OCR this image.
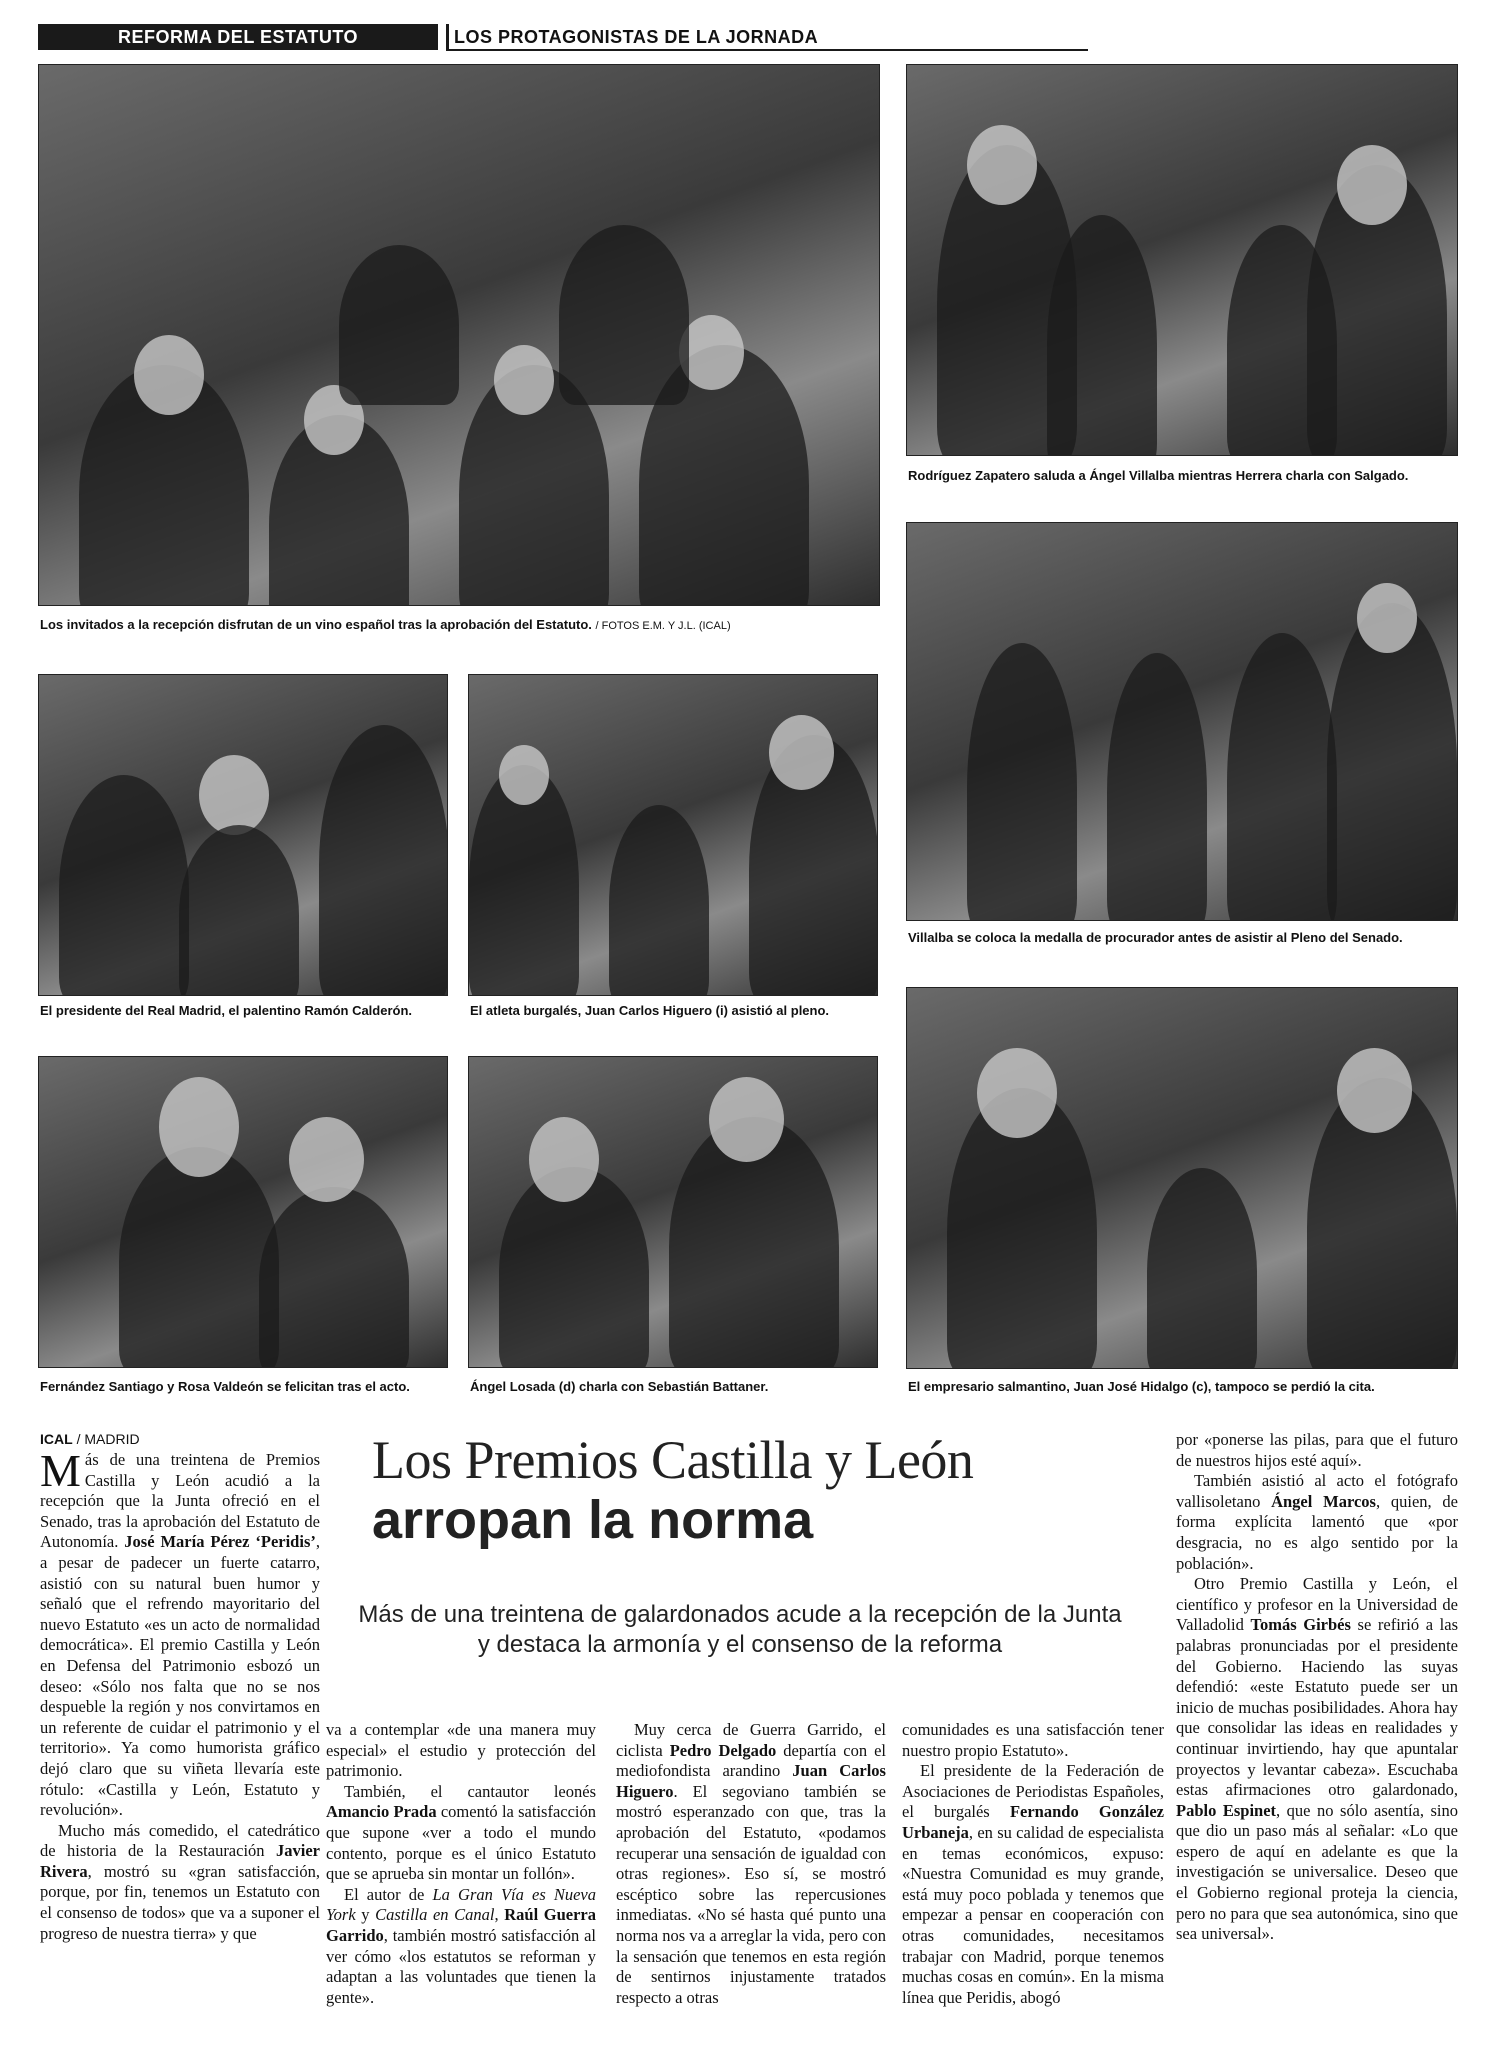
REFORMA DEL ESTATUTO	LOS PROTAGONISTAS DE LA JORNADA
Los invitados a la recepción disfrutan de un vino español tras la aprobación del Estatuto. / FOTOS E.M. Y J.L. (ICAL)
Rodríguez Zapatero saluda a Ángel Villalba mientras Herrera charla con Salgado.
Villalba se coloca la medalla de procurador antes de asistir al Pleno del Senado.
El empresario salmantino, Juan José Hidalgo (c), tampoco se perdió la cita.
El presidente del Real Madrid, el palentino Ramón Calderón.	El atleta burgalés, Juan Carlos Higuero (i) asistió al pleno.
Fernández Santiago y Rosa Valdeón se felicitan tras el acto.	Ángel Losada (d) charla con Sebastián Battaner.
ICAL / MADRID	Los Premios Castilla y León arropan la norma
Más de una treintena de galardonados acude a la recepción de la Junta y destaca la armonía y el consenso de la reforma

Más de una treintena de Premios Castilla y León acudió a la recepción que la Junta ofreció en el Senado, tras la aprobación del Estatuto de Autonomía. José María Pérez ‘Peridis’, a pesar de padecer un fuerte catarro, asistió con su natural buen humor y señaló que el refrendo mayoritario del nuevo Estatuto «es un acto de normalidad democrática». El premio Castilla y León en Defensa del Patrimonio esbozó un deseo: «Sólo nos falta que no se nos despueble la región y nos convirtamos en un referente de cuidar el patrimonio y el territorio». Ya como humorista gráfico dejó claro que su viñeta llevaría este rótulo: «Castilla y León, Estatuto y revolución».

Mucho más comedido, el catedrático de historia de la Restauración Javier Rivera, mostró su «gran satisfacción, porque, por fin, tenemos un Estatuto con el consenso de todos» que va a suponer el progreso de nuestra tierra» y que

va a contemplar «de una manera muy especial» el estudio y protección del patrimonio.

También, el cantautor leonés Amancio Prada comentó la satisfacción que supone «ver a todo el mundo contento, porque es el único Estatuto que se aprueba sin montar un follón».

El autor de La Gran Vía es Nueva York y Castilla en Canal, Raúl Guerra Garrido, también mostró satisfacción al ver cómo «los estatutos se reforman y adaptan a las voluntades que tienen la gente».

Muy cerca de Guerra Garrido, el ciclista Pedro Delgado departía con el mediofondista arandino Juan Carlos Higuero. El segoviano también se mostró esperanzado con que, tras la aprobación del Estatuto, «podamos recuperar una sensación de igualdad con otras regiones». Eso sí, se mostró escéptico sobre las repercusiones inmediatas. «No sé hasta qué punto una norma nos va a arreglar la vida, pero con la sensación que tenemos en esta región de sentirnos injustamente tratados respecto a otras

comunidades es una satisfacción tener nuestro propio Estatuto».

El presidente de la Federación de Asociaciones de Periodistas Españoles, el burgalés Fernando González Urbaneja, en su calidad de especialista en temas económicos, expuso: «Nuestra Comunidad es muy grande, está muy poco poblada y tenemos que empezar a pensar en cooperación con otras comunidades, necesitamos trabajar con Madrid, porque tenemos muchas cosas en común». En la misma línea que Peridis, abogó

por «ponerse las pilas, para que el futuro de nuestros hijos esté aquí».

También asistió al acto el fotógrafo vallisoletano Ángel Marcos, quien, de forma explícita lamentó que «por desgracia, no es algo sentido por la población».

Otro Premio Castilla y León, el científico y profesor en la Universidad de Valladolid Tomás Girbés se refirió a las palabras pronunciadas por el presidente del Gobierno. Haciendo las suyas defendió: «este Estatuto puede ser un inicio de muchas posibilidades. Ahora hay que consolidar las ideas en realidades y continuar invirtiendo, hay que apuntalar proyectos y levantar cabeza». Escuchaba estas afirmaciones otro galardonado, Pablo Espinet, que no sólo asentía, sino que dio un paso más al señalar: «Lo que espero de aquí en adelante es que la investigación se universalice. Deseo que el Gobierno regional proteja la ciencia, pero no para que sea autonómica, sino que sea universal».
